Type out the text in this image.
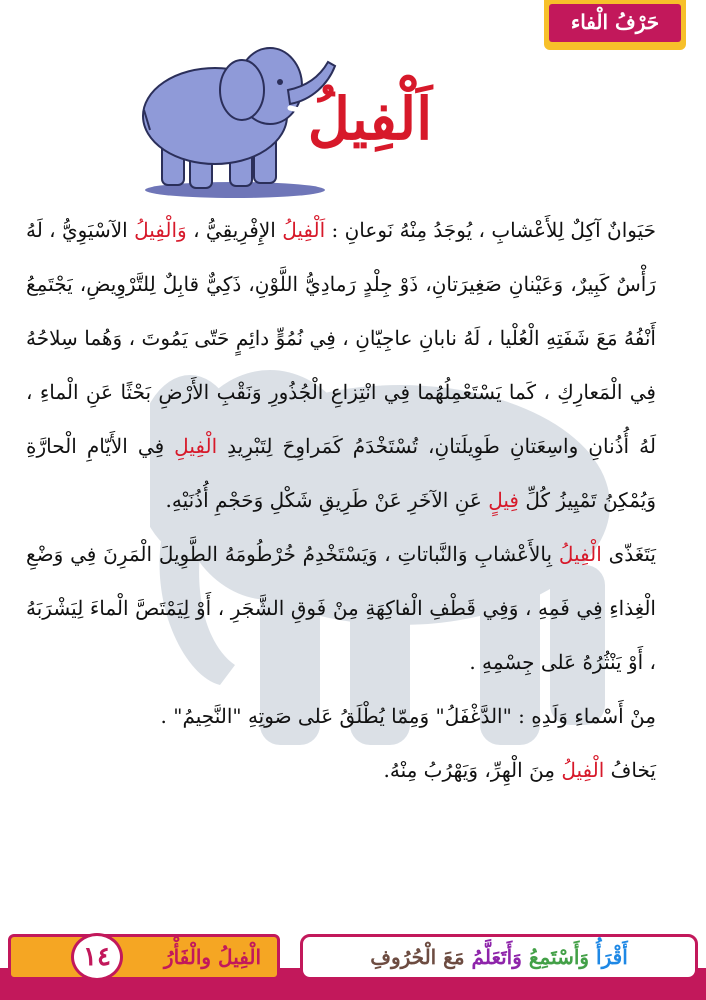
حَرْفُ الْفاء
اَلْفِيلُ

حَيَوانٌ آكِلٌ لِلأَعْشابِ ، يُوجَدُ مِنْهُ نَوعانِ : اَلْفِيلُ الإِفْرِيقِيُّ ، وَالْفِيلُ الآسْيَوِيُّ ، لَهُ رَأْسٌ كَبِيرٌ، وَعَيْنانِ صَغِيرَتانِ، ذَوْ جِلْدٍ رَمادِيُّ اللَّوْنِ، ذَكِيٌّ قابِلٌ لِلتَّرْوِيضِ، يَجْتَمِعُ أَنْفُهُ مَعَ شَفَتِهِ الْعُلْيا ، لَهُ نابانِ عاجِيّانِ ، فِي نُمُوٍّ دائِمٍ حَتّى يَمُوتَ ، وَهُما سِلاحُهُ فِي الْمَعارِكِ ، كَما يَسْتَعْمِلُهُما فِي انْتِزاعِ الْجُذُورِ وَنَقْبِ الأَرْضِ بَحْثًا عَنِ الْماءِ ، لَهُ أُذُنانِ واسِعَتانِ طَوِيلَتانِ، تُسْتَخْدَمُ كَمَراوِحَ لِتَبْرِيدِ الْفِيلِ فِي الأَيّامِ الْحارَّةِ وَيُمْكِنُ تَمْيِيزُ كُلِّ فِيلٍ عَنِ الآخَرِ عَنْ طَرِيقِ شَكْلِ وَحَجْمِ أُذُنَيْهِ.

يَتَغَذّى الْفِيلُ بِالأَعْشابِ وَالنَّباتاتِ ، وَيَسْتَخْدِمُ خُرْطُومَهُ الطَّوِيلَ الْمَرِنَ فِي وَضْعِ الْغِذاءِ فِي فَمِهِ ، وَفِي قَطْفِ الْفاكِهَةِ مِنْ فَوقِ الشَّجَرِ ، أَوْ لِيَمْتَصَّ الْماءَ لِيَشْرَبَهُ ، أَوْ يَنْثُرُهُ عَلى جِسْمِهِ .

مِنْ أَسْماءِ وَلَدِهِ : "الدَّغْفَلُ" وَمِمّا يُطْلَقُ عَلى صَوتِهِ "النَّحِيمُ" .

يَخافُ الْفِيلُ مِنَ الْهِرِّ، وَيَهْرُبُ مِنْهُ.

الْفِيلُ والْفَأْرُ
١٤	أَقْرَأُ وَأَسْتَمِعُ وَأَتَعَلَّمُ مَعَ الْحُرُوفِ
